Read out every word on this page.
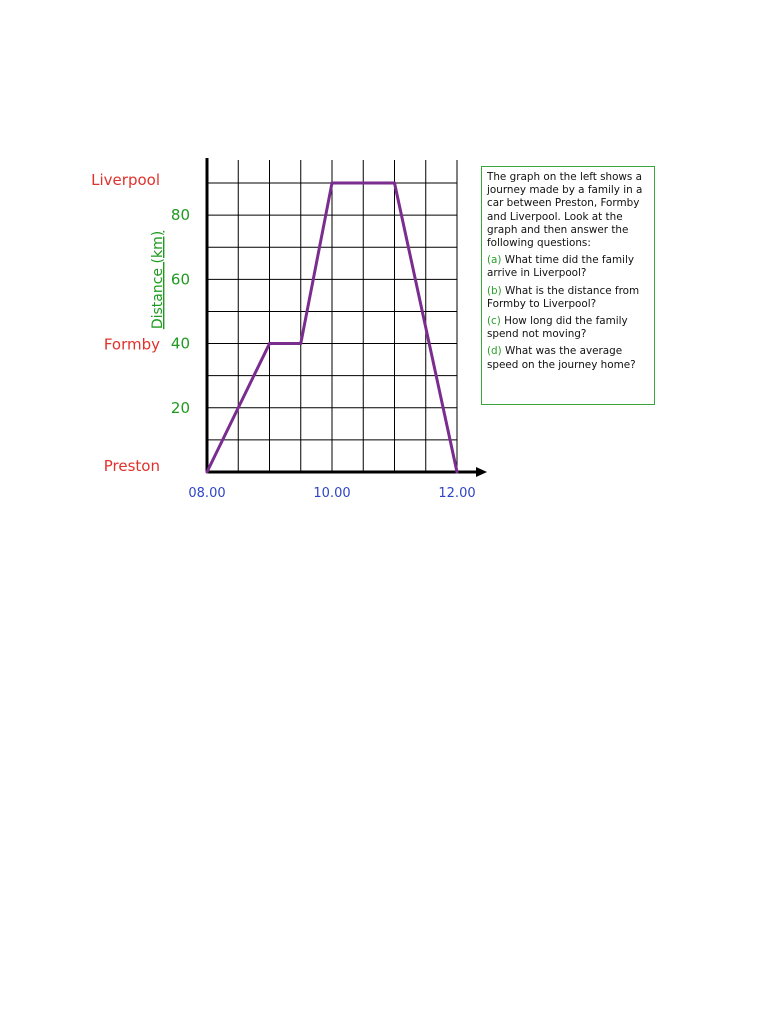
20
40
60
80
08.00	10.00	12.00
Liverpool
Formby
Preston
Distance (km)

The graph on the left shows a journey made by a family in a car between Preston, Formby and Liverpool. Look at the graph and then answer the following questions:

(a) What time did the family arrive in Liverpool?

(b) What is the distance from Formby to Liverpool?

(c) How long did the family spend not moving?

(d) What was the average speed on the journey home?
